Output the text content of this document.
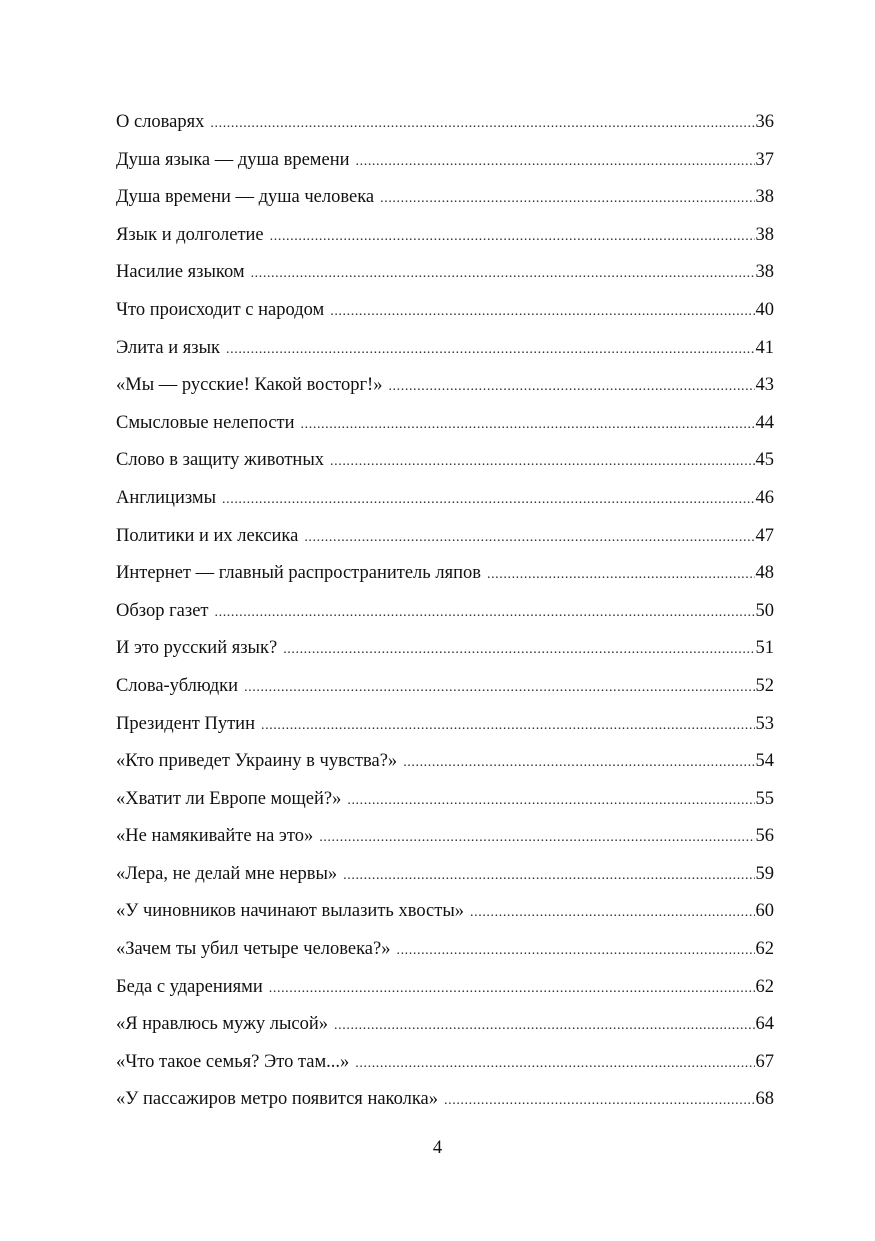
О словарях .....	36
Душа языка — душа времени .....	37
Душа времени — душа человека .....	38
Язык и долголетие .....	38
Насилие языком .....	38
Что происходит с народом .....	40
Элита и язык .....	41
«Мы — русские! Какой восторг!» .....	43
Смысловые нелепости .....	44
Слово в защиту животных .....	45
Англицизмы .....	46
Политики и их лексика .....	47
Интернет — главный распространитель ляпов .....	48
Обзор газет .....	50
И это русский язык? .....	51
Слова-ублюдки .....	52
Президент Путин .....	53
«Кто приведет Украину в чувства?» .....	54
«Хватит ли Европе мощей?» .....	55
«Не намякивайте на это» .....	56
«Лера, не делай мне нервы» .....	59
«У чиновников начинают вылазить хвосты» .....	60
«Зачем ты убил четыре человека?» .....	62
Беда с ударениями .....	62
«Я нравлюсь мужу лысой» .....	64
«Что такое семья? Это там...» .....	67
«У пассажиров метро появится наколка» .....	68
4
